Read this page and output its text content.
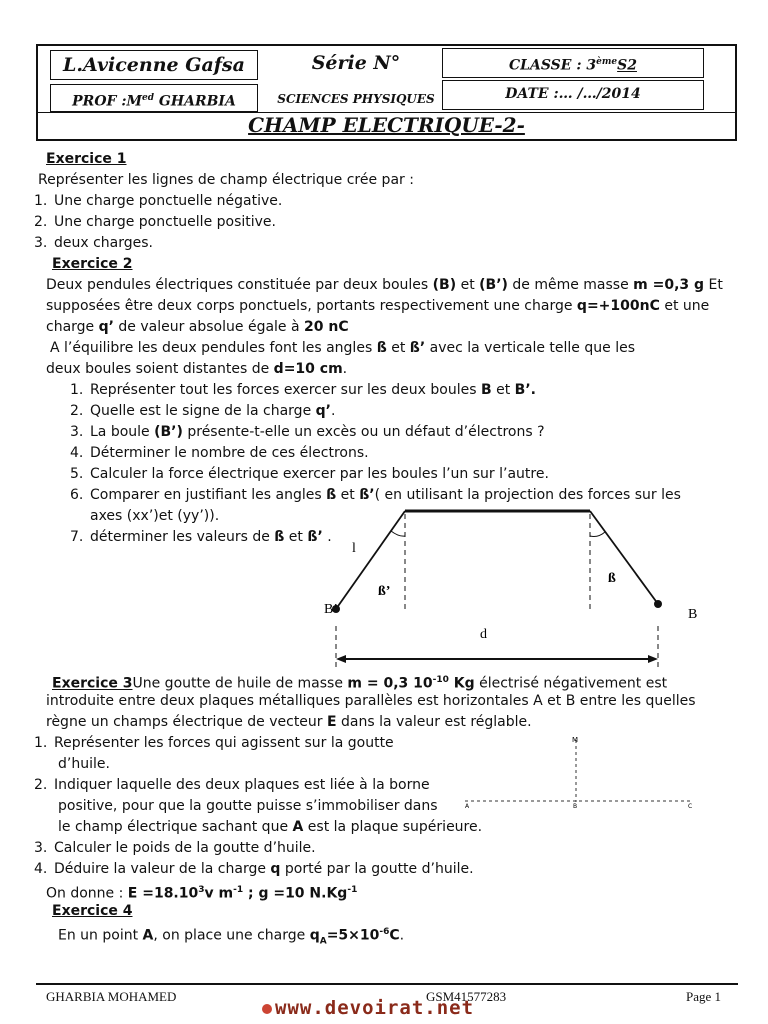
L.Avicenne Gafsa	Série N°	CLASSE : 3èmeS2
PROF $:M^{ed}$ GHARBIA	SCIENCES PHYSIQUES	DATE :… /…/2014
CHAMP ELECTRIQUE-2-
Exercice 1
Représenter les lignes de champ électrique crée par :
1. Une charge ponctuelle négative.
2. Une charge ponctuelle positive.
3. deux charges.
Exercice 2
Deux pendules électriques constituée par deux boules (B) et (B’) de même masse m =0,3 g Et
supposées être deux corps ponctuels, portants respectivement une charge q=+100nC et une
charge q’ de valeur absolue égale à 20 nC
A l’équilibre les deux pendules font les angles ß et ß’ avec la verticale telle que les
deux boules soient distantes de d=10 cm.
1. Représenter tout les forces exercer sur les deux boules B et B’.
2. Quelle est le signe de la charge q’.
3. La boule (B’) présente-t-elle un excès ou un défaut d’électrons ?
4. Déterminer le nombre de ces électrons.
5. Calculer la force électrique exercer par les boules l’un sur l’autre.
6. Comparer en justifiant les angles ß et ß’( en utilisant la projection des forces sur les
axes (xx’)et (yy’)).
7. déterminer les valeurs de ß et ß’ .
l
ß’
ß
B’	B
d
Exercice 3Une goutte de huile de masse m = 0,3 $10^{-10}$ Kg électrisé négativement est
introduite entre deux plaques métalliques parallèles est horizontales A et B entre les quelles
règne un champs électrique de vecteur E dans la valeur est réglable.
1. Représenter les forces qui agissent sur la goutte
d’huile.
2. Indiquer laquelle des deux plaques est liée à la borne
positive, pour que la goutte puisse s’immobiliser dans
le champ électrique sachant que A est la plaque supérieure.
3. Calculer le poids de la goutte d’huile.
4. Déduire la valeur de la charge q porté par la goutte d’huile.
On donne : $E =18.10^3v$ $m^{-1}$ ; g =10 $N.Kg^{-1}$
M
A	B	C
Exercice 4
En un point A, on place une charge $q_A=5\times 10^{-6}C$.
GHARBIA MOHAMED	GSM41577283
www.devoirat.net
Page 1
